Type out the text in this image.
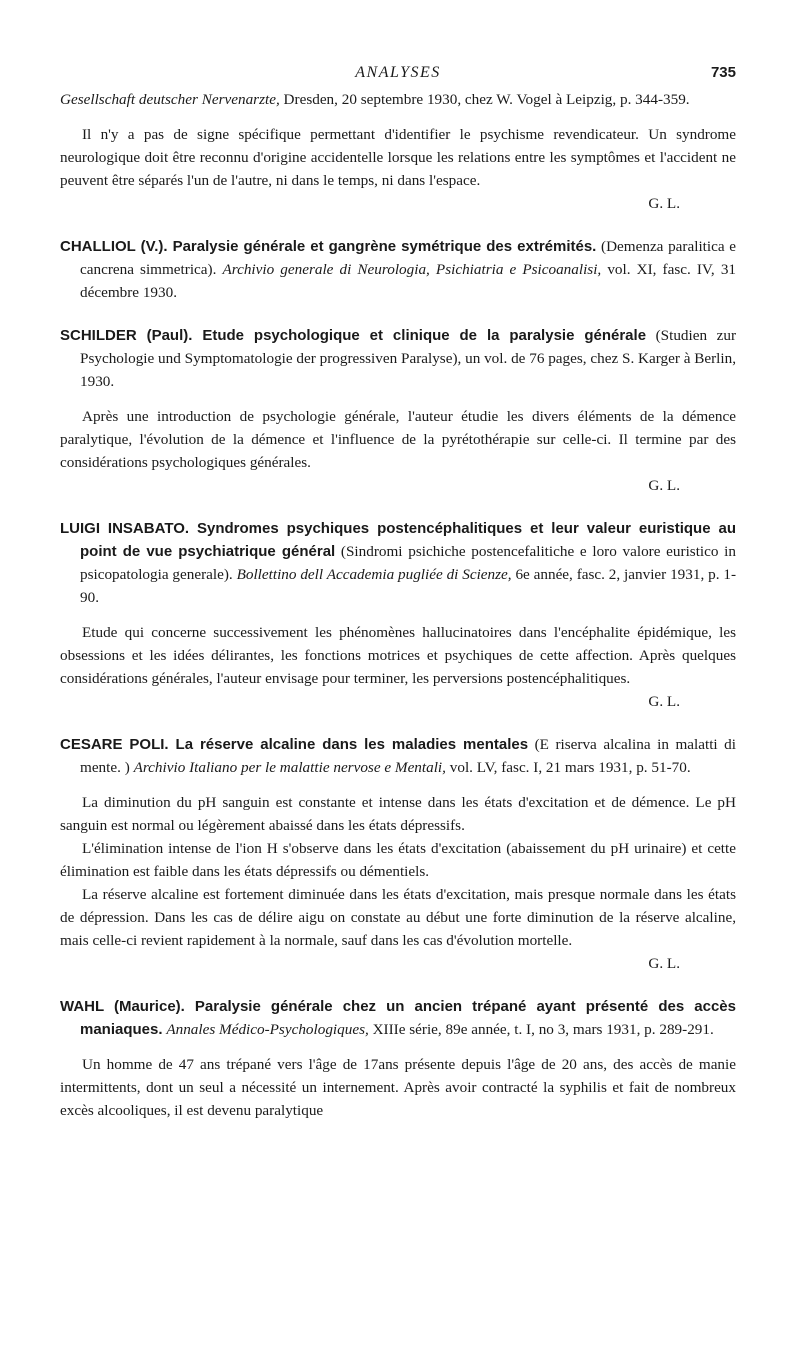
ANALYSES	735

Gesellschaft deutscher Nervenarzte, Dresden, 20 septembre 1930, chez W. Vogel à Leipzig, p. 344-359.

Il n'y a pas de signe spécifique permettant d'identifier le psychisme revendicateur. Un syndrome neurologique doit être reconnu d'origine accidentelle lorsque les relations entre les symptômes et l'accident ne peuvent être séparés l'un de l'autre, ni dans le temps, ni dans l'espace.

G. L.

CHALLIOL (V.). Paralysie générale et gangrène symétrique des extrémités. (Demenza paralitica e cancrena simmetrica). Archivio generale di Neurologia, Psichiatria e Psicoanalisi, vol. XI, fasc. IV, 31 décembre 1930.

SCHILDER (Paul). Etude psychologique et clinique de la paralysie générale (Studien zur Psychologie und Symptomatologie der progressiven Paralyse), un vol. de 76 pages, chez S. Karger à Berlin, 1930.

Après une introduction de psychologie générale, l'auteur étudie les divers éléments de la démence paralytique, l'évolution de la démence et l'influence de la pyrétothérapie sur celle-ci. Il termine par des considérations psychologiques générales.

G. L.

LUIGI INSABATO. Syndromes psychiques postencéphalitiques et leur valeur euristique au point de vue psychiatrique général (Sindromi psichiche postencefalitiche e loro valore euristico in psicopatologia generale). Bollettino dell Accademia pugliée di Scienze, 6e année, fasc. 2, janvier 1931, p. 1-90.

Etude qui concerne successivement les phénomènes hallucinatoires dans l'encéphalite épidémique, les obsessions et les idées délirantes, les fonctions motrices et psychiques de cette affection. Après quelques considérations générales, l'auteur envisage pour terminer, les perversions postencéphalitiques.

G. L.

CESARE POLI. La réserve alcaline dans les maladies mentales (E riserva alcalina in malatti di mente. ) Archivio Italiano per le malattie nervose e Mentali, vol. LV, fasc. I, 21 mars 1931, p. 51-70.

La diminution du pH sanguin est constante et intense dans les états d'excitation et de démence. Le pH sanguin est normal ou légèrement abaissé dans les états dépressifs.

L'élimination intense de l'ion H s'observe dans les états d'excitation (abaissement du pH urinaire) et cette élimination est faible dans les états dépressifs ou démentiels.

La réserve alcaline est fortement diminuée dans les états d'excitation, mais presque normale dans les états de dépression. Dans les cas de délire aigu on constate au début une forte diminution de la réserve alcaline, mais celle-ci revient rapidement à la normale, sauf dans les cas d'évolution mortelle.

G. L.

WAHL (Maurice). Paralysie générale chez un ancien trépané ayant présenté des accès maniaques. Annales Médico-Psychologiques, XIIIe série, 89e année, t. I, no 3, mars 1931, p. 289-291.

Un homme de 47 ans trépané vers l'âge de 17ans présente depuis l'âge de 20 ans, des accès de manie intermittents, dont un seul a nécessité un internement. Après avoir contracté la syphilis et fait de nombreux excès alcooliques, il est devenu paralytique
